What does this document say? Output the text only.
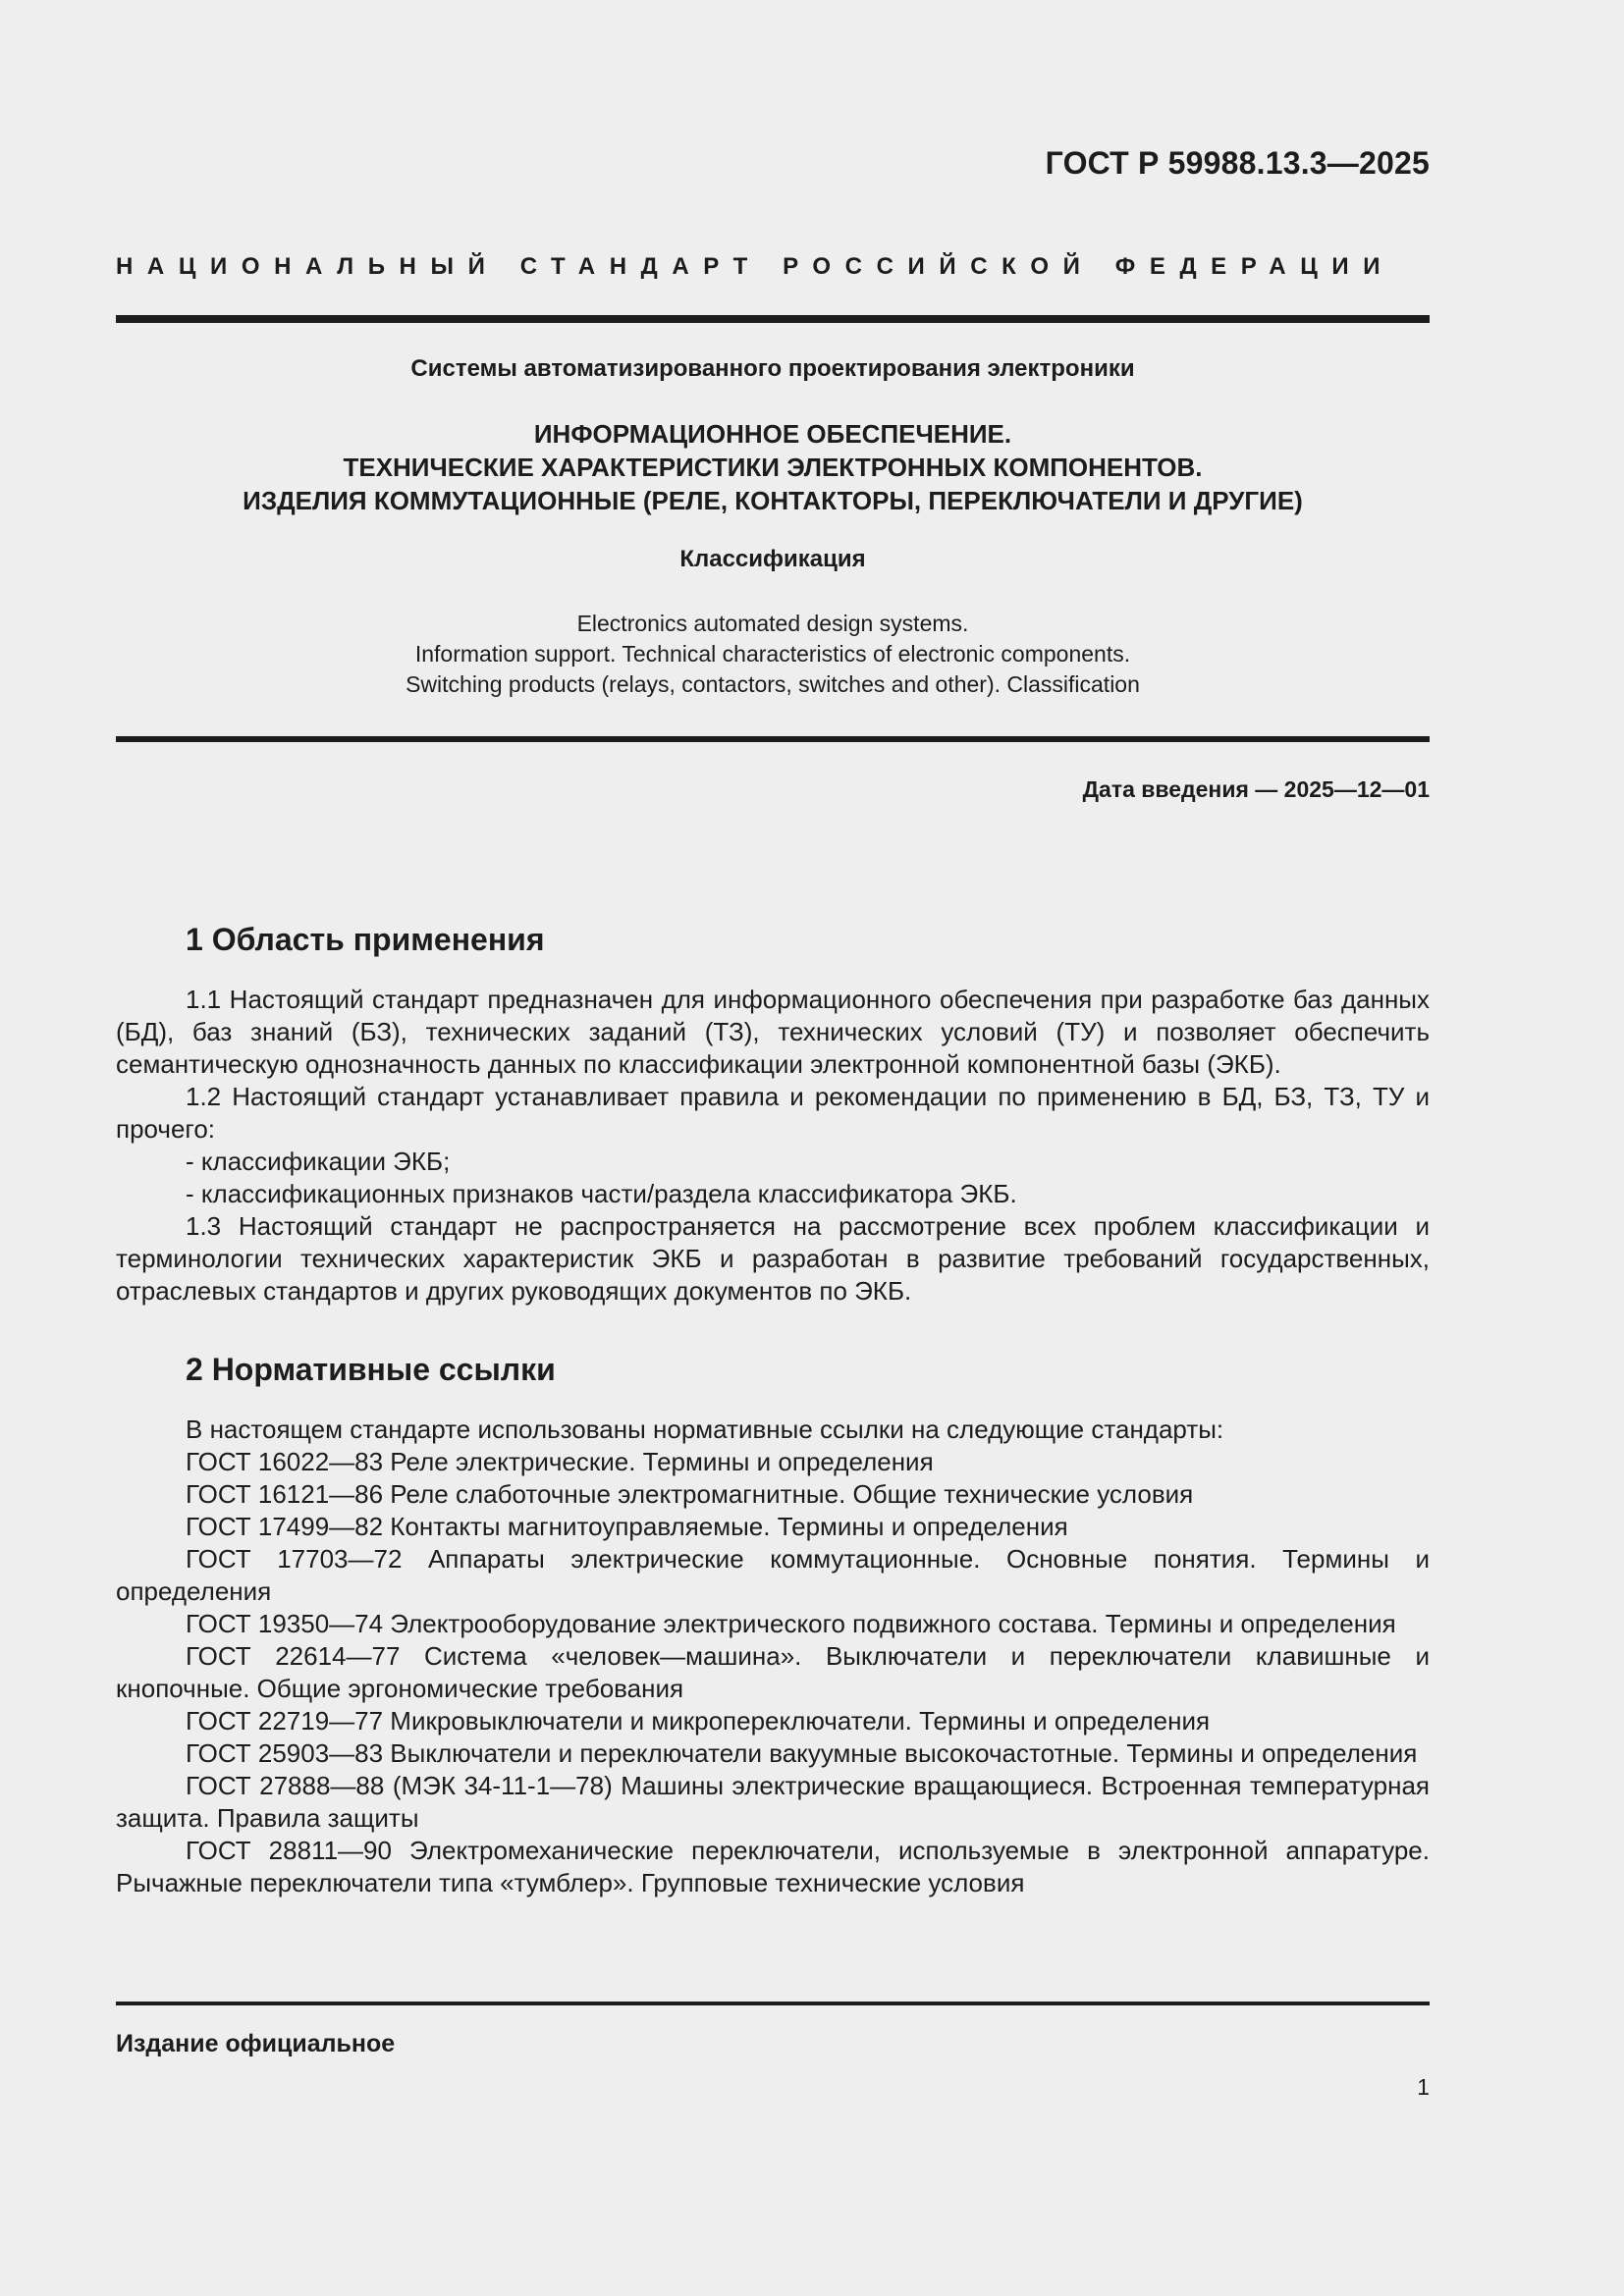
ГОСТ Р 59988.13.3—2025
НАЦИОНАЛЬНЫЙ СТАНДАРТ РОССИЙСКОЙ ФЕДЕРАЦИИ
Системы автоматизированного проектирования электроники
ИНФОРМАЦИОННОЕ ОБЕСПЕЧЕНИЕ.
ТЕХНИЧЕСКИЕ ХАРАКТЕРИСТИКИ ЭЛЕКТРОННЫХ КОМПОНЕНТОВ.
ИЗДЕЛИЯ КОММУТАЦИОННЫЕ (РЕЛЕ, КОНТАКТОРЫ, ПЕРЕКЛЮЧАТЕЛИ И ДРУГИЕ)
Классификация
Electronics automated design systems.
Information support. Technical characteristics of electronic components.
Switching products (relays, contactors, switches and other). Classification
Дата введения — 2025—12—01
1 Область применения

1.1 Настоящий стандарт предназначен для информационного обеспечения при разработке баз данных (БД), баз знаний (БЗ), технических заданий (ТЗ), технических условий (ТУ) и позволяет обеспечить семантическую однозначность данных по классификации электронной компонентной базы (ЭКБ).

1.2 Настоящий стандарт устанавливает правила и рекомендации по применению в БД, БЗ, ТЗ, ТУ и прочего:

- классификации ЭКБ;

- классификационных признаков части/раздела классификатора ЭКБ.

1.3 Настоящий стандарт не распространяется на рассмотрение всех проблем классификации и терминологии технических характеристик ЭКБ и разработан в развитие требований государственных, отраслевых стандартов и других руководящих документов по ЭКБ.

2 Нормативные ссылки

В настоящем стандарте использованы нормативные ссылки на следующие стандарты:

ГОСТ 16022—83 Реле электрические. Термины и определения

ГОСТ 16121—86 Реле слаботочные электромагнитные. Общие технические условия

ГОСТ 17499—82 Контакты магнитоуправляемые. Термины и определения

ГОСТ 17703—72 Аппараты электрические коммутационные. Основные понятия. Термины и определения

ГОСТ 19350—74 Электрооборудование электрического подвижного состава. Термины и определения

ГОСТ 22614—77 Система «человек—машина». Выключатели и переключатели клавишные и кнопочные. Общие эргономические требования

ГОСТ 22719—77 Микровыключатели и микропереключатели. Термины и определения

ГОСТ 25903—83 Выключатели и переключатели вакуумные высокочастотные. Термины и определения

ГОСТ 27888—88 (МЭК 34-11-1—78) Машины электрические вращающиеся. Встроенная температурная защита. Правила защиты

ГОСТ 28811—90 Электромеханические переключатели, используемые в электронной аппаратуре. Рычажные переключатели типа «тумблер». Групповые технические условия

Издание официальное
1
